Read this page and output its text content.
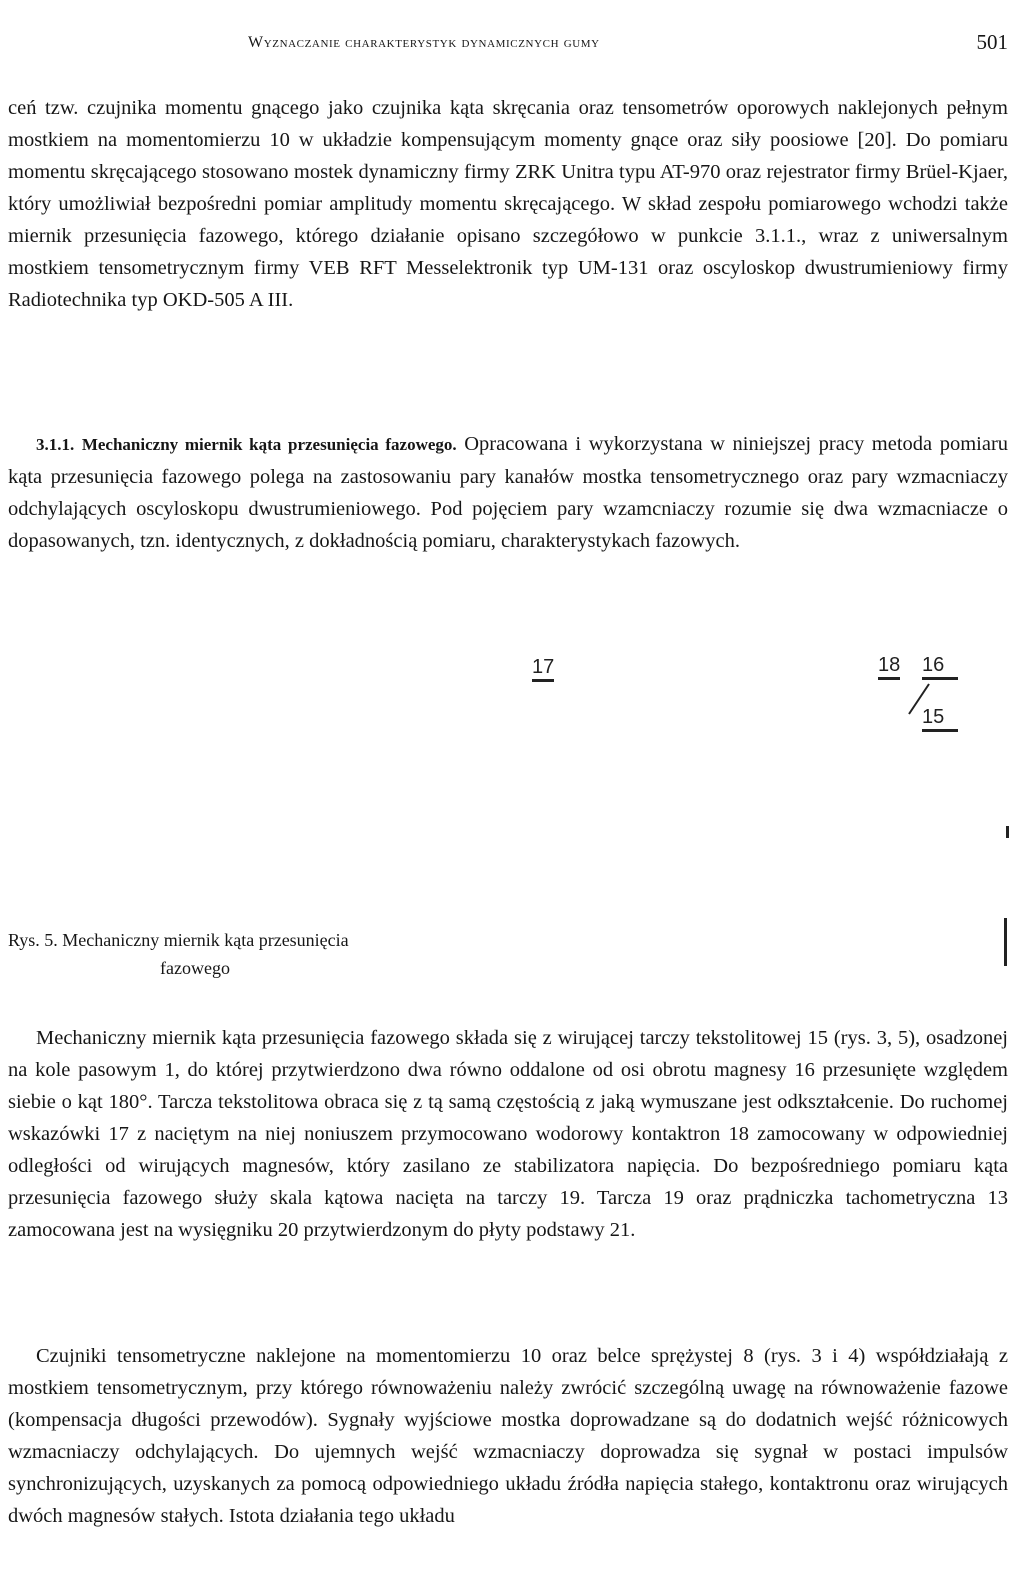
Wyznaczanie charakterystyk dynamicznych gumy	501

ceń tzw. czujnika momentu gnącego jako czujnika kąta skręcania oraz tensometrów oporowych naklejonych pełnym mostkiem na momentomierzu 10 w układzie kompensującym momenty gnące oraz siły poosiowe [20]. Do pomiaru momentu skręcającego stosowano mostek dynamiczny firmy ZRK Unitra typu AT-970 oraz rejestrator firmy Brüel-Kjaer, który umożliwiał bezpośredni pomiar amplitudy momentu skręcającego. W skład zespołu pomiarowego wchodzi także miernik przesunięcia fazowego, którego działanie opisano szczegółowo w punkcie 3.1.1., wraz z uniwersalnym mostkiem tensometrycznym firmy VEB RFT Messelektronik typ UM-131 oraz oscyloskop dwustrumieniowy firmy Radiotechnika typ OKD-505 A III.

3.1.1. Mechaniczny miernik kąta przesunięcia fazowego. Opracowana i wykorzystana w niniejszej pracy metoda pomiaru kąta przesunięcia fazowego polega na zastosowaniu pary kanałów mostka tensometrycznego oraz pary wzmacniaczy odchylających oscyloskopu dwustrumieniowego. Pod pojęciem pary wzamcniaczy rozumie się dwa wzmacniacze o dopasowanych, tzn. identycznych, z dokładnością pomiaru, charakterystykach fazowych.

17	18 16
15
Rys. 5. Mechaniczny miernik kąta przesunięcia
fazowego

Mechaniczny miernik kąta przesunięcia fazowego składa się z wirującej tarczy tekstolitowej 15 (rys. 3, 5), osadzonej na kole pasowym 1, do której przytwierdzono dwa równo oddalone od osi obrotu magnesy 16 przesunięte względem siebie o kąt 180°. Tarcza tekstolitowa obraca się z tą samą częstością z jaką wymuszane jest odkształcenie. Do ruchomej wskazówki 17 z naciętym na niej noniuszem przymocowano wodorowy kontaktron 18 zamocowany w odpowiedniej odległości od wirujących magnesów, który zasilano ze stabilizatora napięcia. Do bezpośredniego pomiaru kąta przesunięcia fazowego służy skala kątowa nacięta na tarczy 19. Tarcza 19 oraz prądniczka tachometryczna 13 zamocowana jest na wysięgniku 20 przytwierdzonym do płyty podstawy 21.

Czujniki tensometryczne naklejone na momentomierzu 10 oraz belce sprężystej 8 (rys. 3 i 4) współdziałają z mostkiem tensometrycznym, przy którego równoważeniu należy zwrócić szczególną uwagę na równoważenie fazowe (kompensacja długości przewodów). Sygnały wyjściowe mostka doprowadzane są do dodatnich wejść różnicowych wzmacniaczy odchylających. Do ujemnych wejść wzmacniaczy doprowadza się sygnał w postaci impulsów synchronizujących, uzyskanych za pomocą odpowiedniego układu źródła napięcia stałego, kontaktronu oraz wirujących dwóch magnesów stałych. Istota działania tego układu
